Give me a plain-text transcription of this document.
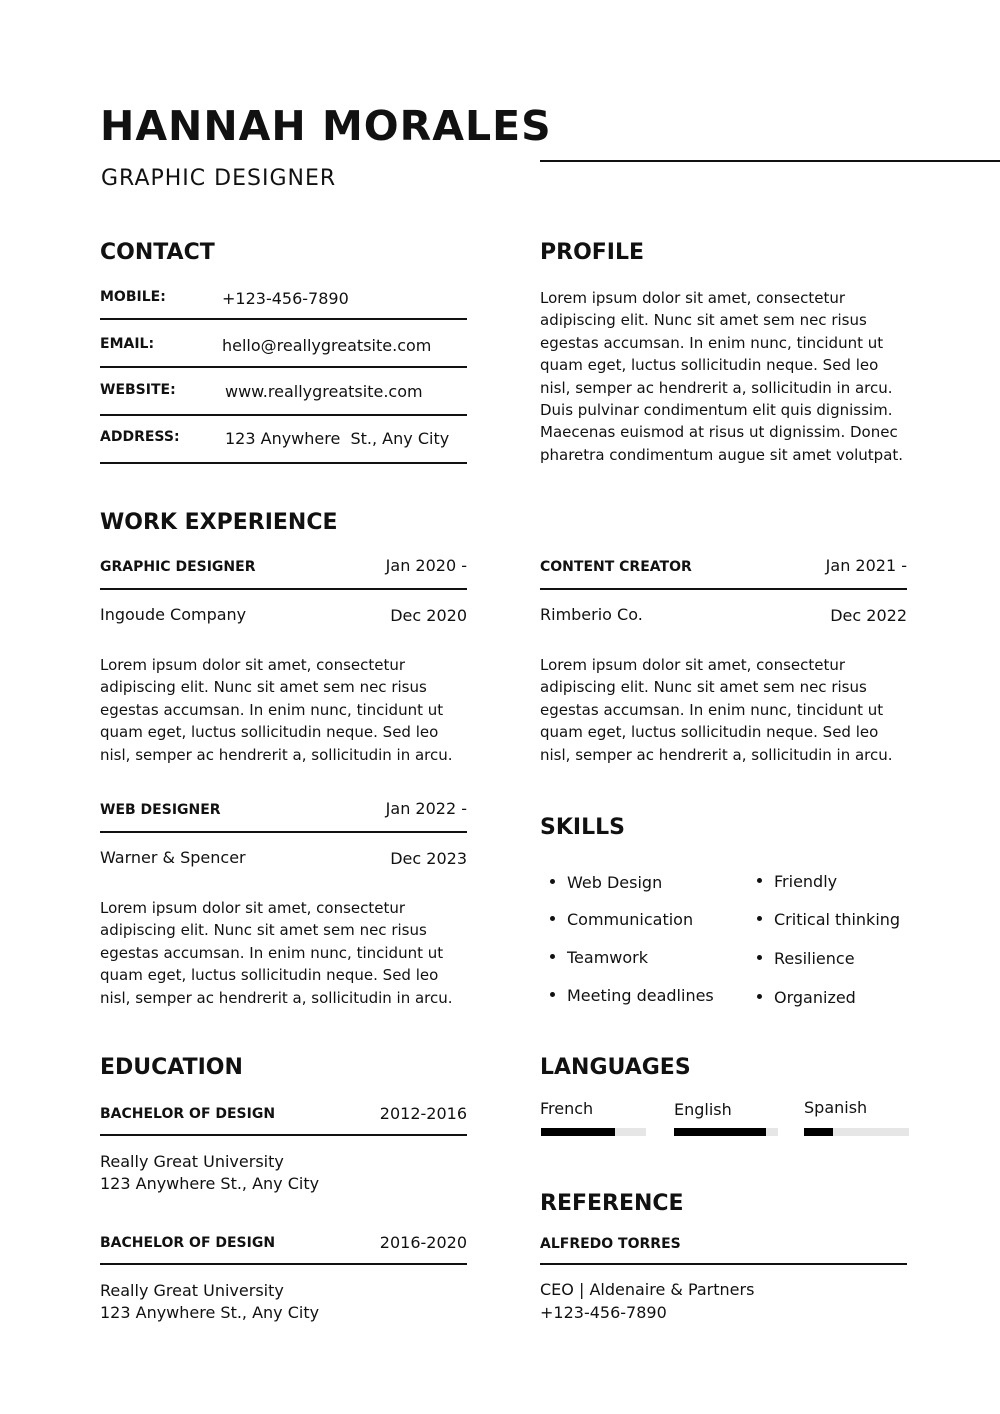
HANNAH MORALES
GRAPHIC DESIGNER
CONTACT
MOBILE:	+123-456-7890
EMAIL:	hello@reallygreatsite.com
WEBSITE:	www.reallygreatsite.com
ADDRESS:	123 Anywhere  St., Any City
PROFILE
Lorem ipsum dolor sit amet, consectetur adipiscing elit. Nunc sit amet sem nec risus egestas accumsan. In enim nunc, tincidunt ut quam eget, luctus sollicitudin neque. Sed leo nisl, semper ac hendrerit a, sollicitudin in arcu. Duis pulvinar condimentum elit quis dignissim. Maecenas euismod at risus ut dignissim. Donec pharetra condimentum augue sit amet volutpat.
WORK EXPERIENCE
GRAPHIC DESIGNER	Jan 2020 -
Ingoude Company	Dec 2020
Lorem ipsum dolor sit amet, consectetur adipiscing elit. Nunc sit amet sem nec risus egestas accumsan. In enim nunc, tincidunt ut quam eget, luctus sollicitudin neque. Sed leo nisl, semper ac hendrerit a, sollicitudin in arcu.
CONTENT CREATOR	Jan 2021 -
Rimberio Co.	Dec 2022
Lorem ipsum dolor sit amet, consectetur adipiscing elit. Nunc sit amet sem nec risus egestas accumsan. In enim nunc, tincidunt ut quam eget, luctus sollicitudin neque. Sed leo nisl, semper ac hendrerit a, sollicitudin in arcu.
WEB DESIGNER	Jan 2022 -
Warner & Spencer	Dec 2023
Lorem ipsum dolor sit amet, consectetur adipiscing elit. Nunc sit amet sem nec risus egestas accumsan. In enim nunc, tincidunt ut quam eget, luctus sollicitudin neque. Sed leo nisl, semper ac hendrerit a, sollicitudin in arcu.
SKILLS
Web Design
Communication
Teamwork
Meeting deadlines
Friendly
Critical thinking
Resilience
Organized
EDUCATION
BACHELOR OF DESIGN	2012-2016
Really Great University
123 Anywhere St., Any City
BACHELOR OF DESIGN	2016-2020
Really Great University
123 Anywhere St., Any City
LANGUAGES
French	English	Spanish
REFERENCE
ALFREDO TORRES
CEO | Aldenaire & Partners
+123-456-7890
